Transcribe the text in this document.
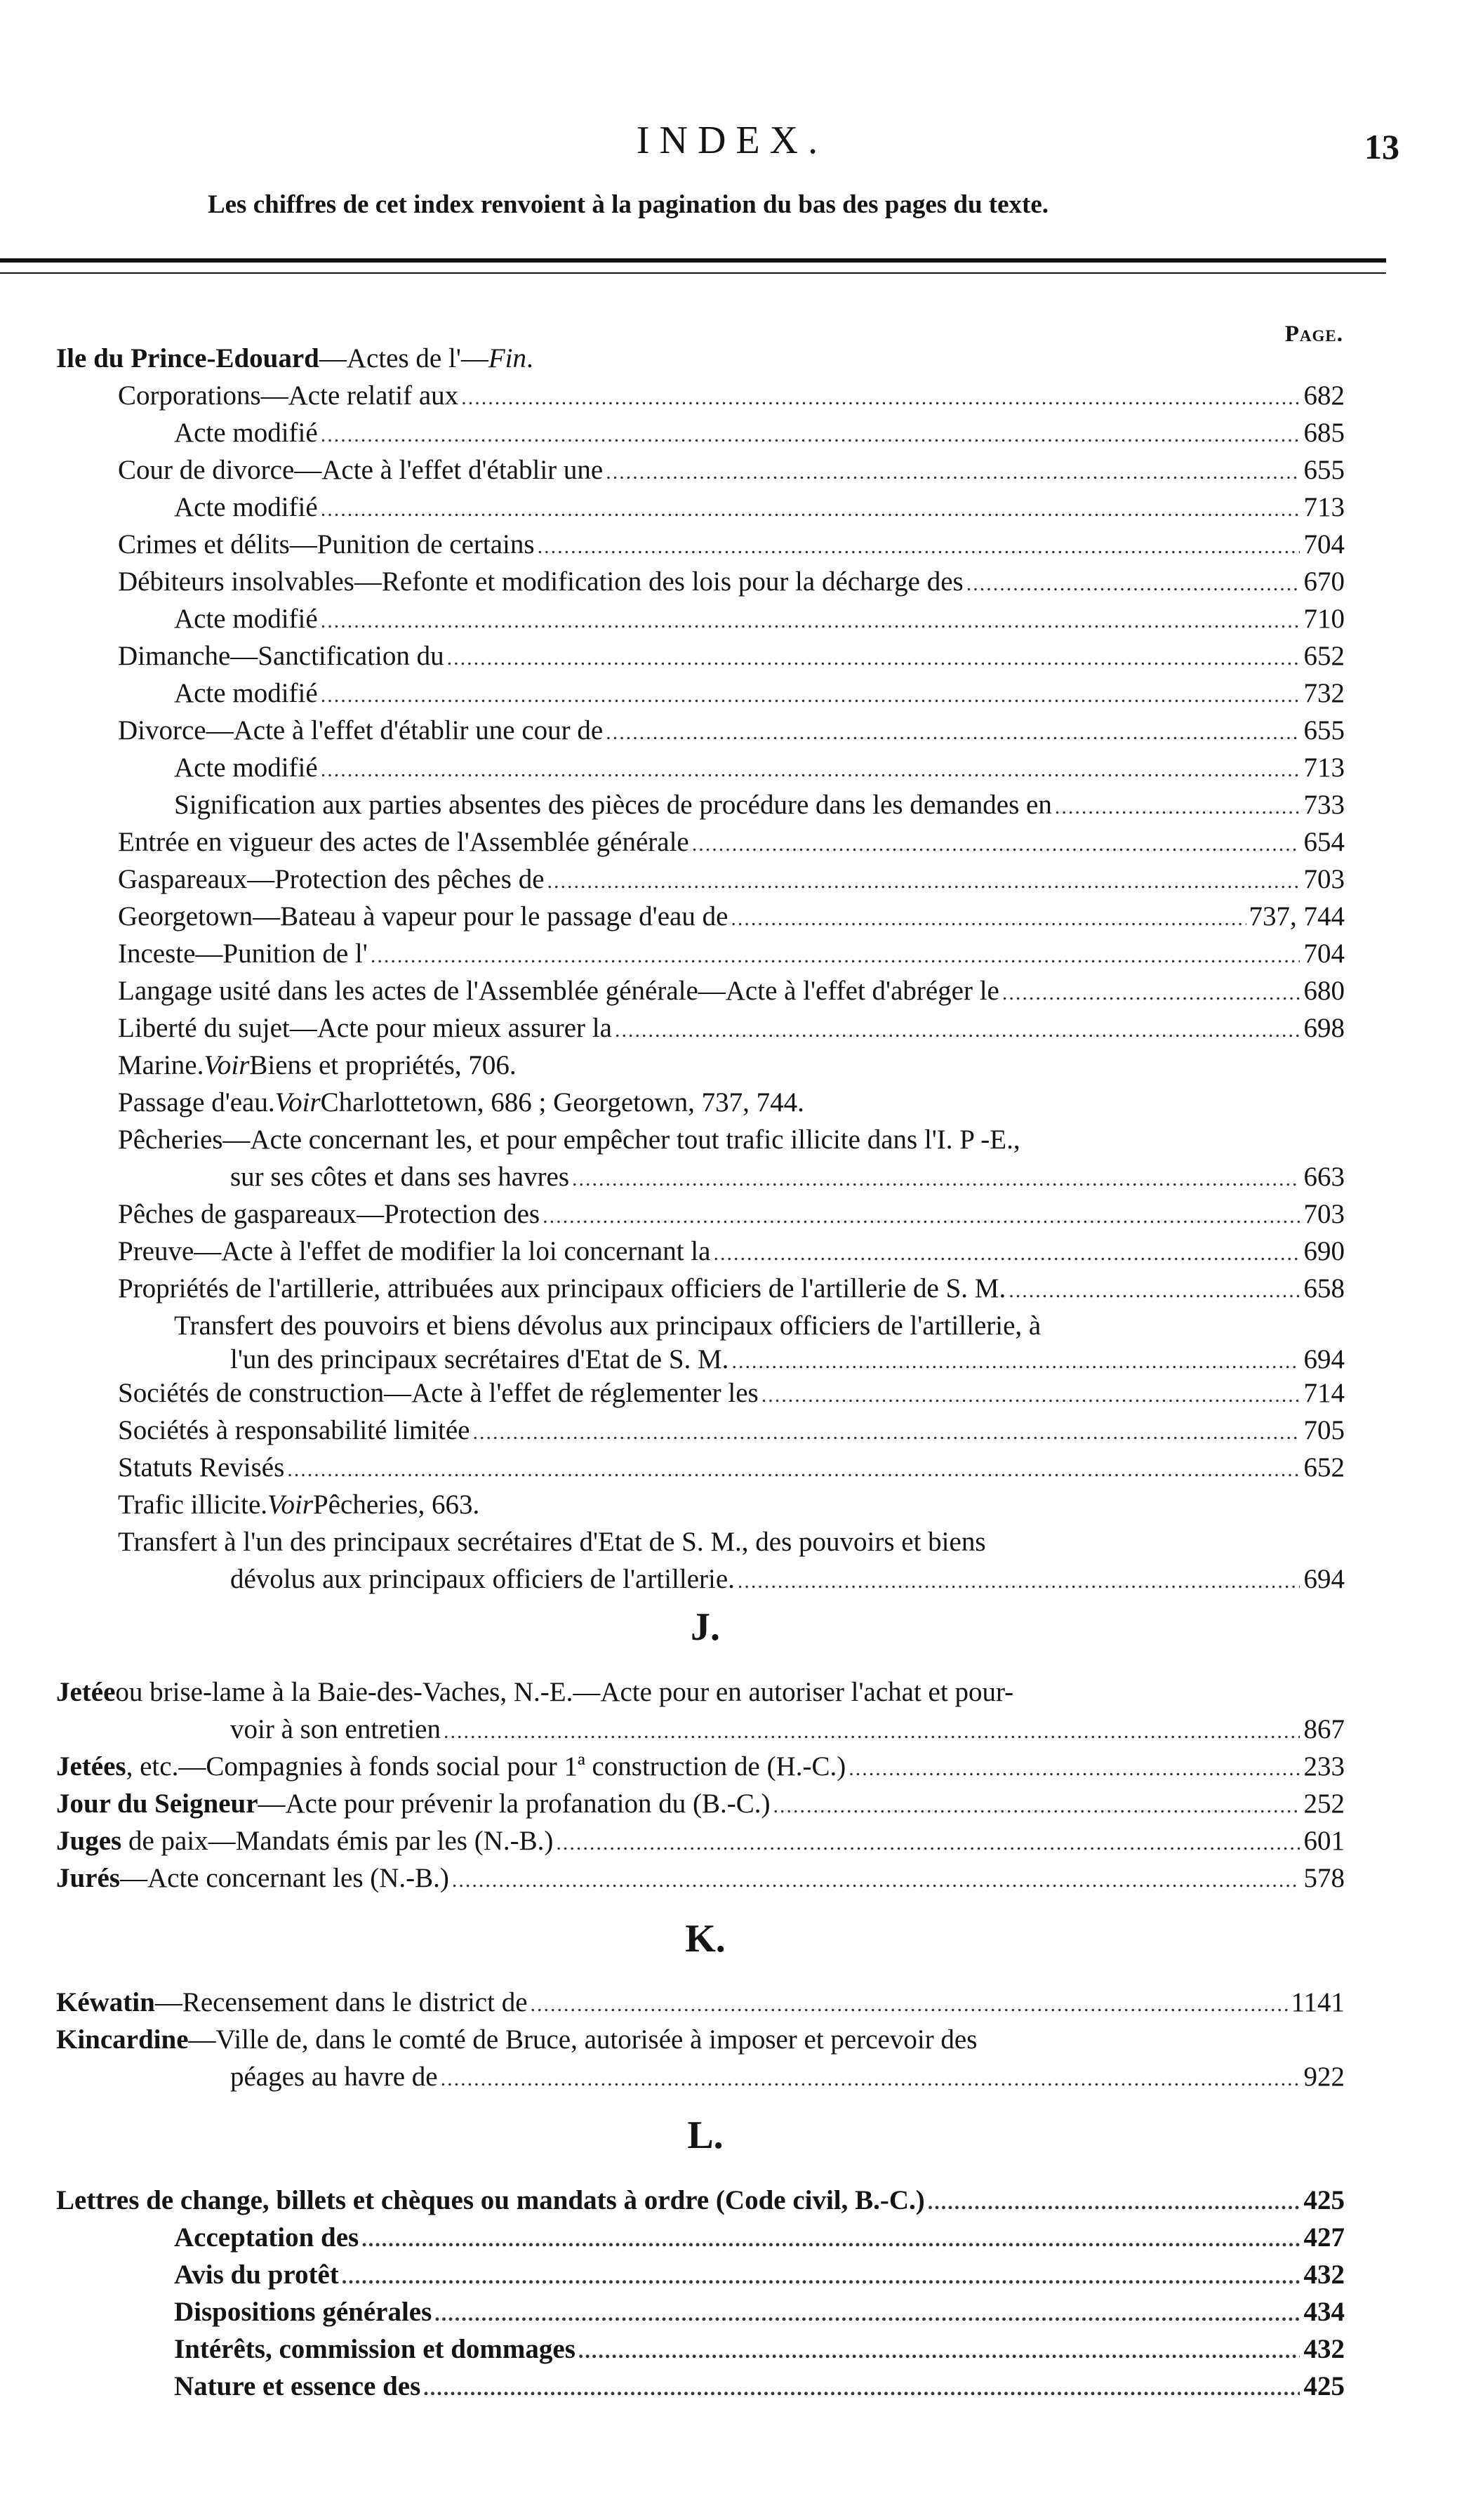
INDEX.	13
Les chiffres de cet index renvoient à la pagination du bas des pages du texte.
Page.
Ile du Prince-Edouard —Actes de l'— Fin .
Corporations—Acte relatif aux .....	682
Acte modifié .....	685
Cour de divorce—Acte à l'effet d'établir une .....	655
Acte modifié .....	713
Crimes et délits—Punition de certains .....	704
Débiteurs insolvables—Refonte et modification des lois pour la décharge des .....	670
Acte modifié .....	710
Dimanche—Sanctification du .....	652
Acte modifié .....	732
Divorce—Acte à l'effet d'établir une cour de .....	655
Acte modifié .....	713
Signification aux parties absentes des pièces de procédure dans les demandes en .....	733
Entrée en vigueur des actes de l'Assemblée générale .....	654
Gaspareaux—Protection des pêches de .....	703
Georgetown—Bateau à vapeur pour le passage d'eau de .....	737, 744
Inceste—Punition de l' .....	704
Langage usité dans les actes de l'Assemblée générale—Acte à l'effet d'abréger le .....	680
Liberté du sujet—Acte pour mieux assurer la .....	698
Marine. Voir Biens et propriétés, 706.
Passage d'eau. Voir Charlottetown, 686 ; Georgetown, 737, 744.
Pêcheries—Acte concernant les, et pour empêcher tout trafic illicite dans l'I. P -E.,
sur ses côtes et dans ses havres .....	663
Pêches de gaspareaux—Protection des .....	703
Preuve—Acte à l'effet de modifier la loi concernant la .....	690
Propriétés de l'artillerie, attribuées aux principaux officiers de l'artillerie de S. M. .....	658
Transfert des pouvoirs et biens dévolus aux principaux officiers de l'artillerie, à
l'un des principaux secrétaires d'Etat de S. M. .....	694
Sociétés de construction—Acte à l'effet de réglementer les .....	714
Sociétés à responsabilité limitée .....	705
Statuts Revisés .....	652
Trafic illicite. Voir Pêcheries, 663.
Transfert à l'un des principaux secrétaires d'Etat de S. M., des pouvoirs et biens
dévolus aux principaux officiers de l'artillerie. .....	694
J.
Jetée ou brise-lame à la Baie-des-Vaches, N.-E.—Acte pour en autoriser l'achat et pour-
voir à son entretien .....	867
Jetées, etc.—Compagnies à fonds social pour 1ª construction de (H.-C.) .....	233
Jour du Seigneur—Acte pour prévenir la profanation du (B.-C.) .....	252
Juges de paix—Mandats émis par les (N.-B.) .....	601
Jurés—Acte concernant les (N.-B.) .....	578
K.
Kéwatin—Recensement dans le district de .....	1141
Kincardine —Ville de, dans le comté de Bruce, autorisée à imposer et percevoir des
péages au havre de .....	922
L.
Lettres de change, billets et chèques ou mandats à ordre (Code civil, B.-C.) .....	425
Acceptation des .....	427
Avis du protêt .....	432
Dispositions générales .....	434
Intérêts, commission et dommages .....	432
Nature et essence des .....	425
